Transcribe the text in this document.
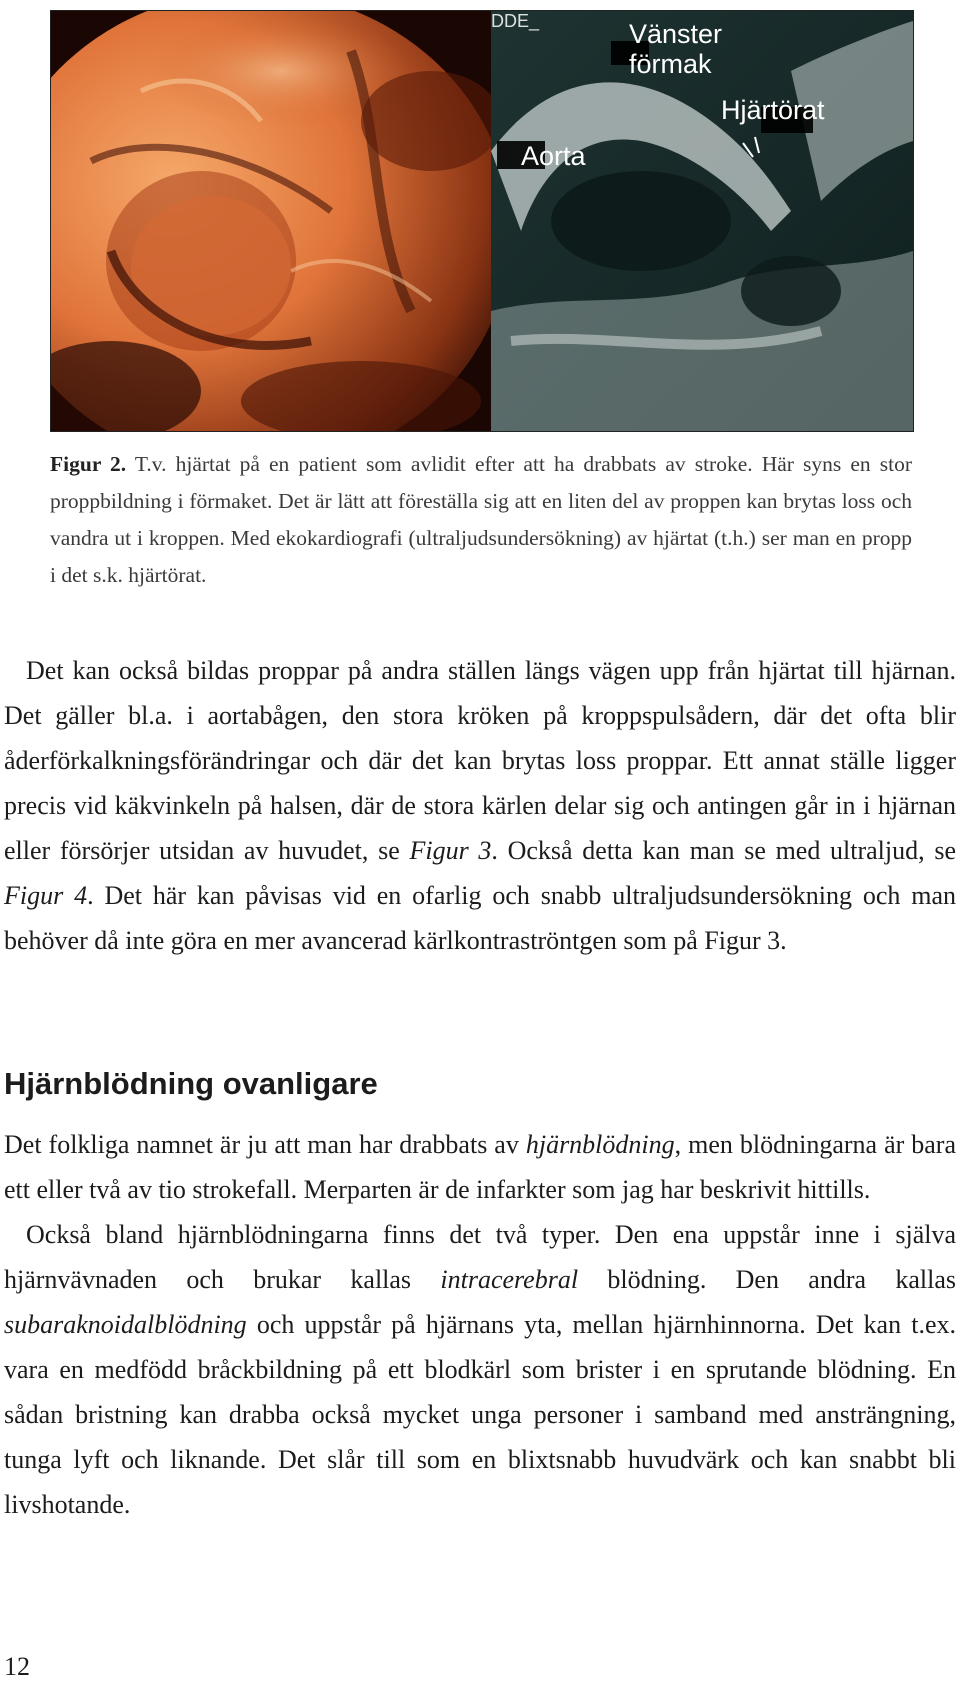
DDE_	Vänster
förmak
Hjärtörat
Aorta
Figur 2. T.v. hjärtat på en patient som avlidit efter att ha drabbats av stroke. Här syns en stor proppbildning i förmaket. Det är lätt att föreställa sig att en liten del av proppen kan brytas loss och vandra ut i kroppen. Med ekokardiografi (ultraljudsundersökning) av hjärtat (t.h.) ser man en propp i det s.k. hjärtörat.

Det kan också bildas proppar på andra ställen längs vägen upp från hjärtat till hjärnan. Det gäller bl.a. i aortabågen, den stora kröken på kroppspulsådern, där det ofta blir åderförkalkningsförändringar och där det kan brytas loss proppar. Ett annat ställe ligger precis vid käkvinkeln på halsen, där de stora kärlen delar sig och antingen går in i hjärnan eller försörjer utsidan av huvudet, se Figur 3. Också detta kan man se med ultraljud, se Figur 4. Det här kan påvisas vid en ofarlig och snabb ultraljudsundersökning och man behöver då inte göra en mer avancerad kärlkontraströntgen som på Figur 3.

Hjärnblödning ovanligare

Det folkliga namnet är ju att man har drabbats av hjärnblödning, men blödningarna är bara ett eller två av tio strokefall. Merparten är de infarkter som jag har beskrivit hittills.

Också bland hjärnblödningarna finns det två typer. Den ena uppstår inne i själva hjärnvävnaden och brukar kallas intracerebral blödning. Den andra kallas subaraknoidalblödning och uppstår på hjärnans yta, mellan hjärnhinnorna. Det kan t.ex. vara en medfödd bråckbildning på ett blodkärl som brister i en sprutande blödning. En sådan bristning kan drabba också mycket unga personer i samband med ansträngning, tunga lyft och liknande. Det slår till som en blixtsnabb huvudvärk och kan snabbt bli livshotande.

12
